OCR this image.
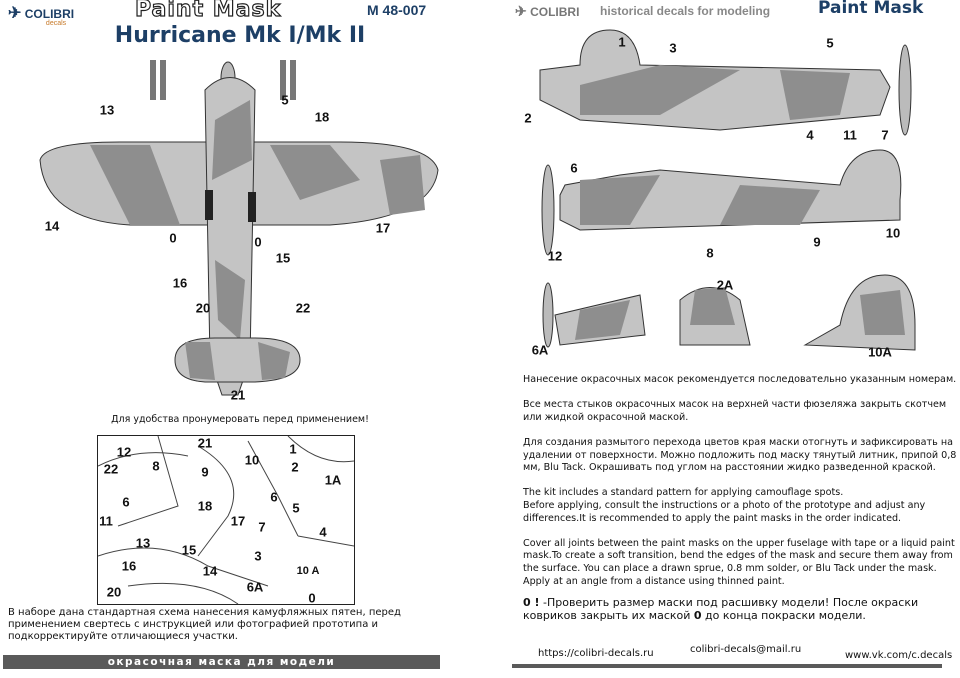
✈ COLIBRI
decals
Paint Mask	M 48-007
Hurricane Mk I/Mk II
13
5
18
14	17
0	0
15
16
20	22
21
Для удобства пронумеровать перед применением!
21	1
12
10 2
22	8	9
1A
6	18
6
5
11	17 7	4
13 15	3
16	14	10 A
6A
20	0
В наборе дана стандартная схема нанесения камуфляжных пятен, перед применением свертесь с инструкцией или фотографией прототипа и подкорректируйте отличающиеся участки.
окрасочная маска для модели
✈ COLIBRI historical decals for modeling	Paint Mask
1	3	5
2
4 11 7
6
12	8
9
10
2A
6A	10A

Нанесение окрасочных масок рекомендуется последовательно указанным номерам.

Все места стыков окрасочных масок на верхней части фюзеляжа закрыть скотчем или жидкой окрасочной маской.

Для создания размытого перехода цветов края маски отогнуть и зафиксировать на удалении от поверхности. Можно подложить под маску тянутый литник, припой 0,8 мм, Blu Tack. Окрашивать под углом на расстоянии жидко разведенной краской.

The kit includes a standard pattern for applying camouflage spots.

Before applying, consult the instructions or a photo of the prototype and adjust any differences.It is recommended to apply the paint masks in the order indicated.

Cover all joints between the paint masks on the upper fuselage with tape or a liquid paint mask.To create a soft transition, bend the edges of the mask and secure them away from the surface. You can place a drawn sprue, 0.8 mm solder, or Blu Tack under the mask. Apply at an angle from a distance using thinned paint.

0 ! -Проверить размер маски под расшивку модели! После окраски ковриков закрыть их маской 0 до конца покраски модели.

https://colibri-decals.ru	colibri-decals@mail.ru
www.vk.com/c.decals
